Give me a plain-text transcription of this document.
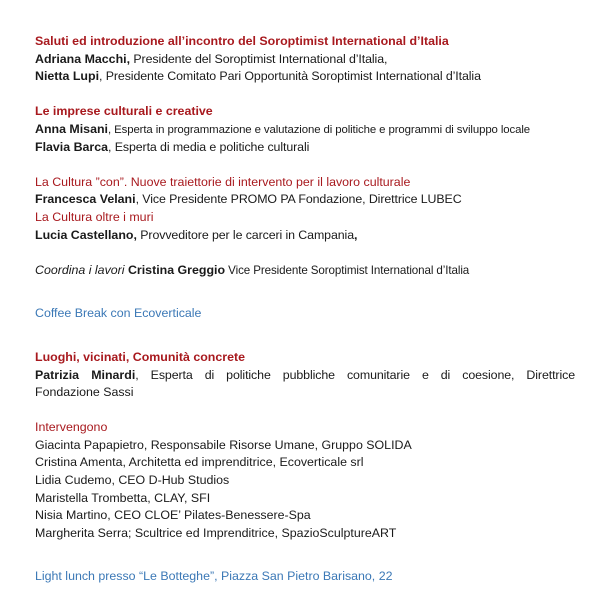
Saluti ed introduzione all’incontro del Soroptimist International d’Italia
Adriana Macchi, Presidente del Soroptimist International d’Italia,
Nietta Lupi, Presidente Comitato Pari Opportunità Soroptimist International d’Italia
Le imprese culturali e creative
Anna Misani, Esperta in programmazione e valutazione di politiche e programmi di sviluppo locale
Flavia Barca, Esperta di media e politiche culturali
La Cultura ”con”. Nuove traiettorie di intervento per il lavoro culturale
Francesca Velani, Vice Presidente PROMO PA Fondazione, Direttrice LUBEC
La Cultura oltre i muri
Lucia Castellano, Provveditore per le carceri in Campania,
Coordina i lavori Cristina Greggio Vice Presidente Soroptimist International d’Italia
Coffee Break con Ecoverticale
Luoghi, vicinati, Comunità concrete
Patrizia Minardi, Esperta di politiche pubbliche comunitarie e di coesione, Direttrice
Fondazione Sassi
Intervengono
Giacinta Papapietro, Responsabile Risorse Umane, Gruppo SOLIDA
Cristina Amenta, Architetta ed imprenditrice, Ecoverticale srl
Lidia Cudemo, CEO D-Hub Studios
Maristella Trombetta, CLAY, SFI
Nisia Martino, CEO CLOE’ Pilates-Benessere-Spa
Margherita Serra; Scultrice ed Imprenditrice, SpazioSculptureART
Light lunch presso “Le Botteghe”, Piazza San Pietro Barisano, 22
